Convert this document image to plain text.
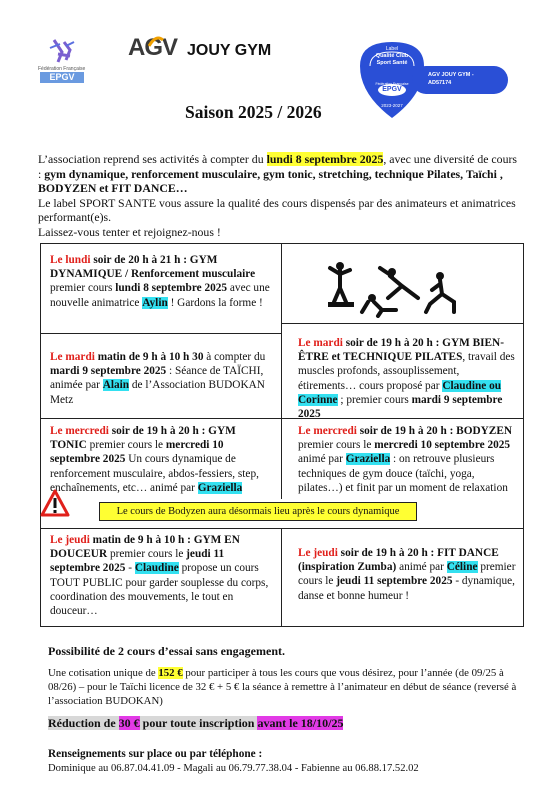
Fédération Française
EPGV
AGV JOUY GYM	Label
Qualité Club
Sport Santé
AGV JOUY GYM -
AD57174
Fédération Française
EPGV
2023-2027
Saison 2025 / 2026
L’association reprend ses activités à compter du lundi 8 septembre 2025, avec une diversité de cours : gym dynamique, renforcement musculaire, gym tonic, stretching, technique Pilates, Taïchi , BODYZEN et FIT DANCE…
Le label SPORT SANTE vous assure la qualité des cours dispensés par des animateurs et animatrices performant(e)s.
Laissez-vous tenter et rejoignez-nous !
Le lundi soir de 20 h à 21 h : GYM DYNAMIQUE / Renforcement musculaire premier cours lundi 8 septembre 2025 avec une nouvelle animatrice Aylin ! Gardons la forme !
Le mardi matin de 9 h à 10 h 30 à compter du mardi 9 septembre 2025 : Séance de TAÏCHI, animée par Alain de l’Association BUDOKAN Metz
Le mardi soir de 19 h à 20 h : GYM BIEN-ÊTRE et TECHNIQUE PILATES, travail des muscles profonds, assouplissement, étirements… cours proposé par Claudine ou Corinne ; premier cours mardi 9 septembre 2025
Le mercredi soir de 19 h à 20 h : GYM TONIC premier cours le mercredi 10 septembre 2025 Un cours dynamique de renforcement musculaire, abdos-fessiers, step, enchaînements, etc… animé par Graziella
Le mercredi soir de 19 h à 20 h : BODYZEN premier cours le mercredi 10 septembre 2025 animé par Graziella : on retrouve plusieurs techniques de gym douce (taïchi, yoga, pilates…) et finit par un moment de relaxation
Le cours de Bodyzen aura désormais lieu après le cours dynamique
Le jeudi matin de 9 h à 10 h : GYM EN DOUCEUR premier cours le jeudi 11 septembre 2025 - Claudine propose un cours TOUT PUBLIC pour garder souplesse du corps, coordination des mouvements, le tout en douceur…
Le jeudi soir de 19 h à 20 h : FIT DANCE (inspiration Zumba) animé par Céline premier cours le jeudi 11 septembre 2025 - dynamique, danse et bonne humeur !
Possibilité de 2 cours d’essai sans engagement.
Une cotisation unique de 152 € pour participer à tous les cours que vous désirez, pour l’année (de 09/25 à 08/26) – pour le Taïchi licence de 32 € + 5 € la séance à remettre à l’animateur en début de séance (reversé à l’association BUDOKAN)
Réduction de 30 € pour toute inscription avant le 18/10/25
Renseignements sur place ou par téléphone :
Dominique au 06.87.04.41.09 - Magali au 06.79.77.38.04 - Fabienne au 06.88.17.52.02
